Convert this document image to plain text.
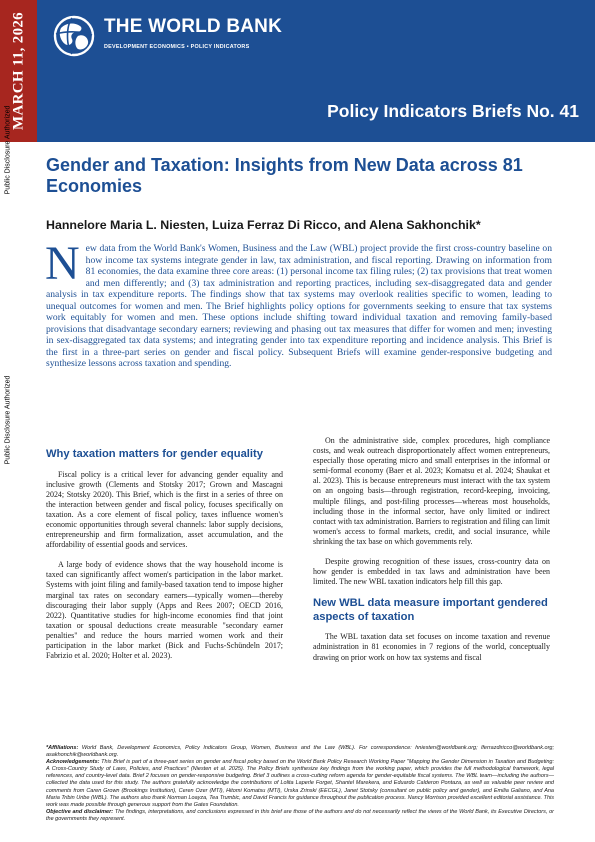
MARCH 11, 2026	THE WORLD BANK
DEVELOPMENT ECONOMICS • POLICY INDICATORS
Policy Indicators Briefs No. 41
Public Disclosure Authorized
Public Disclosure Authorized
Gender and Taxation: Insights from New Data across 81 Economies

Hannelore Maria L. Niesten, Luiza Ferraz Di Ricco, and Alena Sakhonchik*

New data from the World Bank's Women, Business and the Law (WBL) project provide the first cross-country baseline on how income tax systems integrate gender in law, tax administration, and fiscal reporting. Drawing on information from 81 economies, the data examine three core areas: (1) personal income tax filing rules; (2) tax provisions that treat women and men differently; and (3) tax administration and reporting practices, including sex-disaggregated data and gender analysis in tax expenditure reports. The findings show that tax systems may overlook realities specific to women, leading to unequal outcomes for women and men. The Brief highlights policy options for governments seeking to ensure that tax systems work equitably for women and men. These options include shifting toward individual taxation and removing family-based provisions that disadvantage secondary earners; reviewing and phasing out tax measures that differ for women and men; investing in sex-disaggregated tax data systems; and integrating gender into tax expenditure reporting and incidence analysis. This Brief is the first in a three-part series on gender and fiscal policy. Subsequent Briefs will examine gender-responsive budgeting and synthesize lessons across taxation and spending.
Why taxation matters for gender equality

Fiscal policy is a critical lever for advancing gender equality and inclusive growth (Clements and Stotsky 2017; Grown and Mascagni 2024; Stotsky 2020). This Brief, which is the first in a series of three on the interaction between gender and fiscal policy, focuses specifically on taxation. As a core element of fiscal policy, taxes influence women's economic opportunities through several channels: labor supply decisions, entrepreneurship and firm formalization, asset accumulation, and the affordability of essential goods and services.

A large body of evidence shows that the way household income is taxed can significantly affect women's participation in the labor market. Systems with joint filing and family-based taxation tend to impose higher marginal tax rates on secondary earners—typically women—thereby discouraging their labor supply (Apps and Rees 2007; OECD 2016, 2022). Quantitative studies for high-income economies find that joint taxation or spousal deductions create measurable "secondary earner penalties" and reduce the hours married women work and their participation in the labor market (Bick and Fuchs-Schündeln 2017; Fabrizio et al. 2020; Holter et al. 2023).

On the administrative side, complex procedures, high compliance costs, and weak outreach disproportionately affect women entrepreneurs, especially those operating micro and small enterprises in the informal or semi-formal economy (Baer et al. 2023; Komatsu et al. 2024; Shaukat et al. 2023). This is because entrepreneurs must interact with the tax system on an ongoing basis—through registration, record-keeping, invoicing, multiple filings, and post-filing processes—whereas most households, including those in the informal sector, have only limited or indirect contact with tax administration. Barriers to registration and filing can limit women's access to formal markets, credit, and social insurance, while shrinking the tax base on which governments rely.

Despite growing recognition of these issues, cross-country data on how gender is embedded in tax laws and administration have been limited. The new WBL taxation indicators help fill this gap.

New WBL data measure important gendered aspects of taxation

The WBL taxation data set focuses on income taxation and revenue administration in 81 economies in 7 regions of the world, conceptually drawing on prior work on how tax systems and fiscal

*Affiliations: World Bank, Development Economics, Policy Indicators Group, Women, Business and the Law (WBL). For correspondence: hniesten@worldbank.org; lferrazdiricco@worldbank.org; asakhonchik@worldbank.org.

Acknowledgements: This Brief is part of a three-part series on gender and fiscal policy based on the World Bank Policy Research Working Paper "Mapping the Gender Dimension in Taxation and Budgeting: A Cross-Country Study of Laws, Policies, and Practices" (Niesten et al. 2025). The Policy Briefs synthesize key findings from the working paper, which provides the full methodological framework, legal references, and country-level data. Brief 2 focuses on gender-responsive budgeting. Brief 3 outlines a cross-cutting reform agenda for gender-equitable fiscal systems. The WBL team—including the authors—collected the data used for this study. The authors gratefully acknowledge the contributions of Lolita Laperle Forget, Shantel Marekera, and Eduardo Calderon Pontaza, as well as valuable peer review and comments from Caren Grown (Brookings Institution), Ceren Ozer (MTI), Hitomi Komatsu (MTI), Urska Zrinski (EECGL), Janet Stotsky (consultant on public policy and gender), and Emilia Galiano, and Ana Maria Tribin Uribe (WBL). The authors also thank Norman Loayza, Tea Trumbic, and David Francis for guidance throughout the publication process. Nancy Morrison provided excellent editorial assistance. This work was made possible through generous support from the Gates Foundation.

Objective and disclaimer: The findings, interpretations, and conclusions expressed in this brief are those of the authors and do not necessarily reflect the views of the World Bank, its Executive Directors, or the governments they represent.
